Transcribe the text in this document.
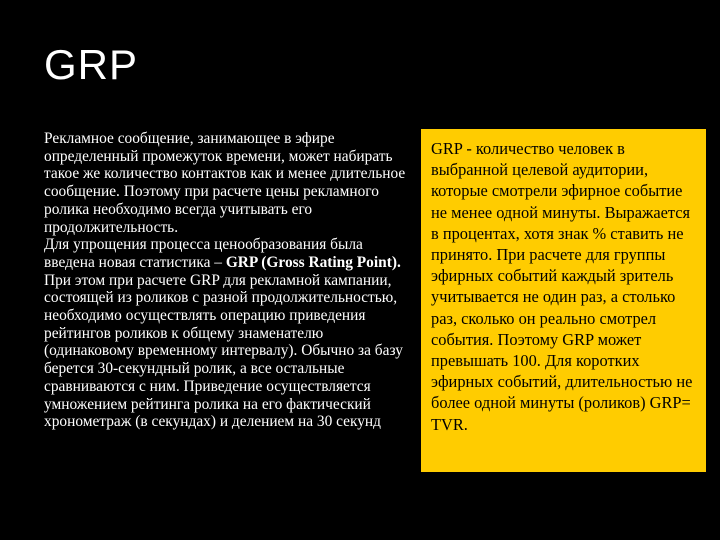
GRP

Рекламное сообщение, занимающее в эфире определенный промежуток времени, может набирать такое же количество контактов как и менее длительное сообщение. Поэтому при расчете цены рекламного ролика необходимо всегда учитывать его продолжительность.

Для упрощения процесса ценообразования была введена новая статистика – GRP (Gross Rating Point).

При этом при расчете GRP для рекламной кампании, состоящей из роликов с разной продолжительностью, необходимо осуществлять операцию приведения рейтингов роликов к общему знаменателю (одинаковому временному интервалу). Обычно за базу берется 30-секундный ролик, а все остальные сравниваются с ним. Приведение осуществляется умножением рейтинга ролика на его фактический хронометраж (в секундах) и делением на 30 секунд

GRP - количество человек в выбранной целевой аудитории, которые смотрели эфирное событие не менее одной минуты. Выражается в процентах, хотя знак % ставить не принято. При расчете для группы эфирных событий каждый зритель учитывается не один раз, а столько раз, сколько он реально смотрел события. Поэтому GRP может превышать 100. Для коротких эфирных событий, длительностью не более одной минуты (роликов) GRP= TVR.
